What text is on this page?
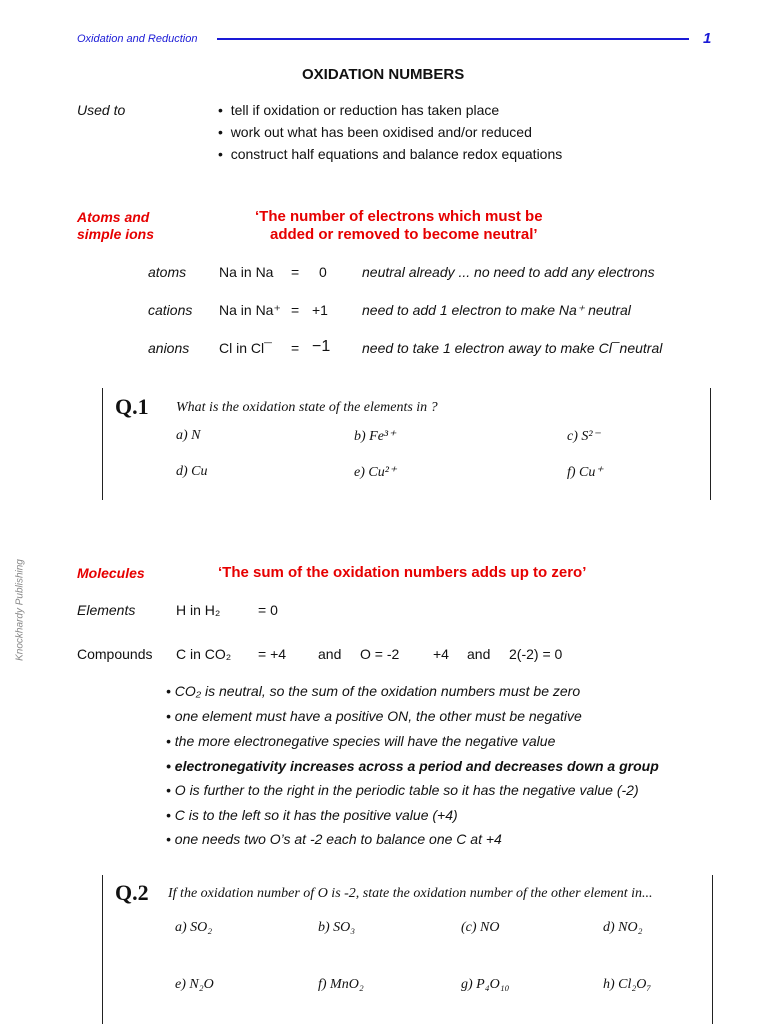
Oxidation and Reduction	1
Knockhardy Publishing
OXIDATION NUMBERS
Used to	•  tell if oxidation or reduction has taken place
•  work out what has been oxidised and/or reduced
•  construct half equations and balance redox equations
Atoms and
simple ions
‘The number of electrons which must be
added or removed to become neutral’
atoms Na in Na = 0	neutral already ... no need to add any electrons
cations Na in Na⁺ = +1 need to add 1 electron to make Na⁺ neutral
anions Cl in Cl¯ = −1 need to take 1 electron away to make Cl¯neutral
Q.1 What is the oxidation state of the elements in ?
a) N	b) Fe³⁺	c) S²⁻
d) Cu	e) Cu²⁺	f) Cu⁺
Molecules	‘The sum of the oxidation numbers adds up to zero’
Elements	H in H₂	= 0
Compounds C in CO₂ = +4 and O = -2 +4 and 2(-2) = 0
• CO₂ is neutral, so the sum of the oxidation numbers must be zero
• one element must have a positive ON, the other must be negative
• the more electronegative species will have the negative value
• electronegativity increases across a period and decreases down a group
• O is further to the right in the periodic table so it has the negative value (-2)
• C is to the left so it has the positive value (+4)
• one needs two O’s at -2 each to balance one C at +4
Q.2 If the oxidation number of O is -2, state the oxidation number of the other element in...
a) SO₂	b) SO₃	(c) NO	d) NO₂
e) N₂O	f) MnO₂	g) P₄O₁₀	h) Cl₂O₇
